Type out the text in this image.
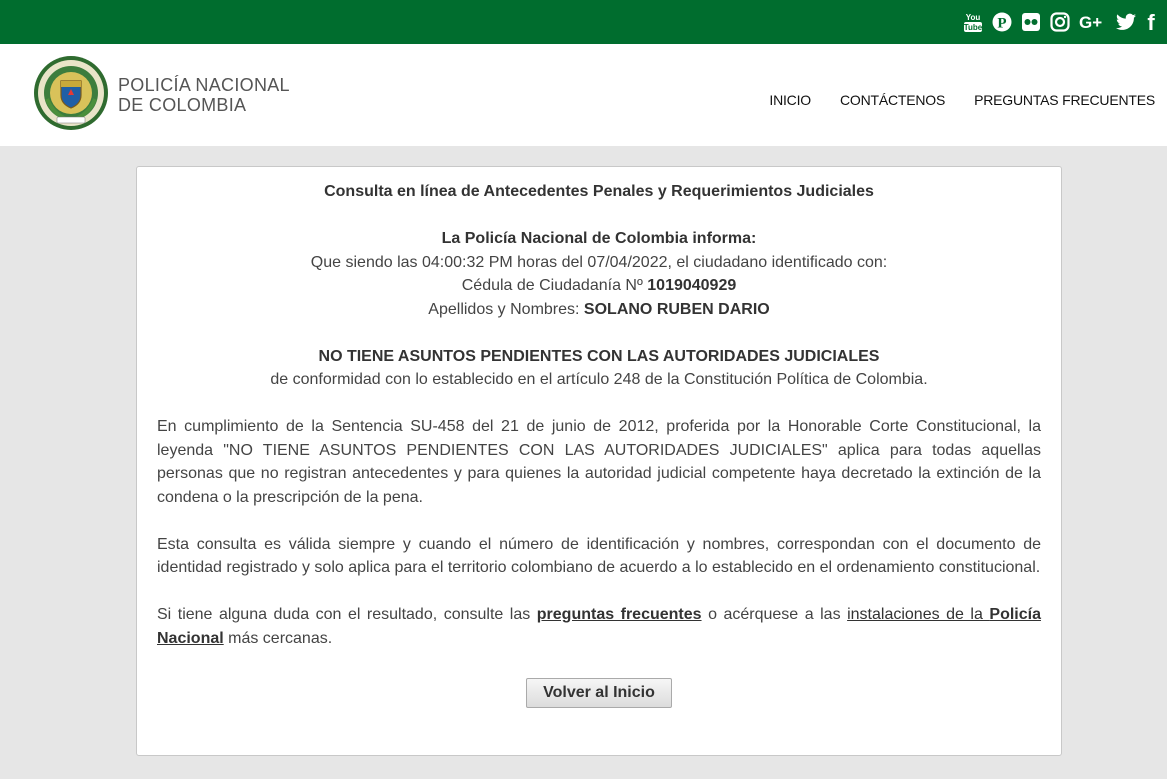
You
Tube P	G+ f
POLICÍA NACIONAL
DE COLOMBIA	INICIO CONTÁCTENOS PREGUNTAS FRECUENTES
Consulta en línea de Antecedentes Penales y Requerimientos Judiciales
La Policía Nacional de Colombia informa:
Que siendo las 04:00:32 PM horas del 07/04/2022, el ciudadano identificado con:
Cédula de Ciudadanía Nº 1019040929
Apellidos y Nombres: SOLANO RUBEN DARIO
NO TIENE ASUNTOS PENDIENTES CON LAS AUTORIDADES JUDICIALES
de conformidad con lo establecido en el artículo 248 de la Constitución Política de Colombia.
En cumplimiento de la Sentencia SU-458 del 21 de junio de 2012, proferida por la Honorable Corte Constitucional, la leyenda "NO TIENE ASUNTOS PENDIENTES CON LAS AUTORIDADES JUDICIALES" aplica para todas aquellas personas que no registran antecedentes y para quienes la autoridad judicial competente haya decretado la extinción de la condena o la prescripción de la pena.
Esta consulta es válida siempre y cuando el número de identificación y nombres, correspondan con el documento de identidad registrado y solo aplica para el territorio colombiano de acuerdo a lo establecido en el ordenamiento constitucional.
Si tiene alguna duda con el resultado, consulte las preguntas frecuentes o acérquese a las instalaciones de la Policía Nacional más cercanas.
Volver al Inicio
